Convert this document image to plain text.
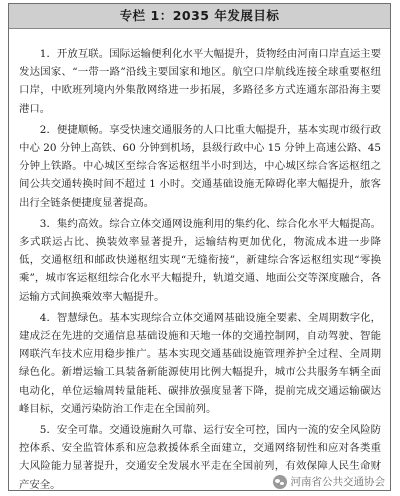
专栏 1：2035 年发展目标

1．开放互联。国际运输便利化水平大幅提升，货物经由河南口岸直运主要发达国家、“一带一路”沿线主要国家和地区。航空口岸航线连接全球重要枢纽口岸，中欧班列境内外集散网络进一步拓展，多路径多方式连通东部沿海主要港口。

2．便捷顺畅。享受快速交通服务的人口比重大幅提升，基本实现市级行政中心 20 分钟上高铁、60 分钟到机场，县级行政中心 15 分钟上高速公路、45 分钟上铁路。中心城区至综合客运枢纽半小时到达，中心城区综合客运枢纽之间公共交通转换时间不超过 1 小时。交通基础设施无障碍化率大幅提升，旅客出行全链条便捷度显著提高。

3．集约高效。综合立体交通网设施利用的集约化、综合化水平大幅提高。多式联运占比、换装效率显著提升，运输结构更加优化，物流成本进一步降低，交通枢纽和邮政快递枢纽实现“无缝衔接”，新建综合客运枢纽实现“零换乘”，城市客运枢纽综合化水平大幅提升，轨道交通、地面公交等深度融合，各运输方式间换乘效率大幅提升。

4．智慧绿色。基本实现综合立体交通网基础设施全要素、全周期数字化，建成泛在先进的交通信息基础设施和天地一体的交通控制网，自动驾驶、智能网联汽车技术应用稳步推广。基本实现交通基础设施管理养护全过程、全周期绿色化。新增运输工具装备新能源使用比例大幅提升，城市公共服务车辆全面电动化，单位运输周转量能耗、碳排放强度显著下降，提前完成交通运输碳达峰目标，交通污染防治工作走在全国前列。

5．安全可靠。交通设施耐久可靠、运行安全可控，国内一流的安全风险防控体系、安全监管体系和应急救援体系全面建立，交通网络韧性和应对各类重大风险能力显著提升，交通安全发展水平走在全国前列，有效保障人民生命财产安全。	河南省公共交通协会
